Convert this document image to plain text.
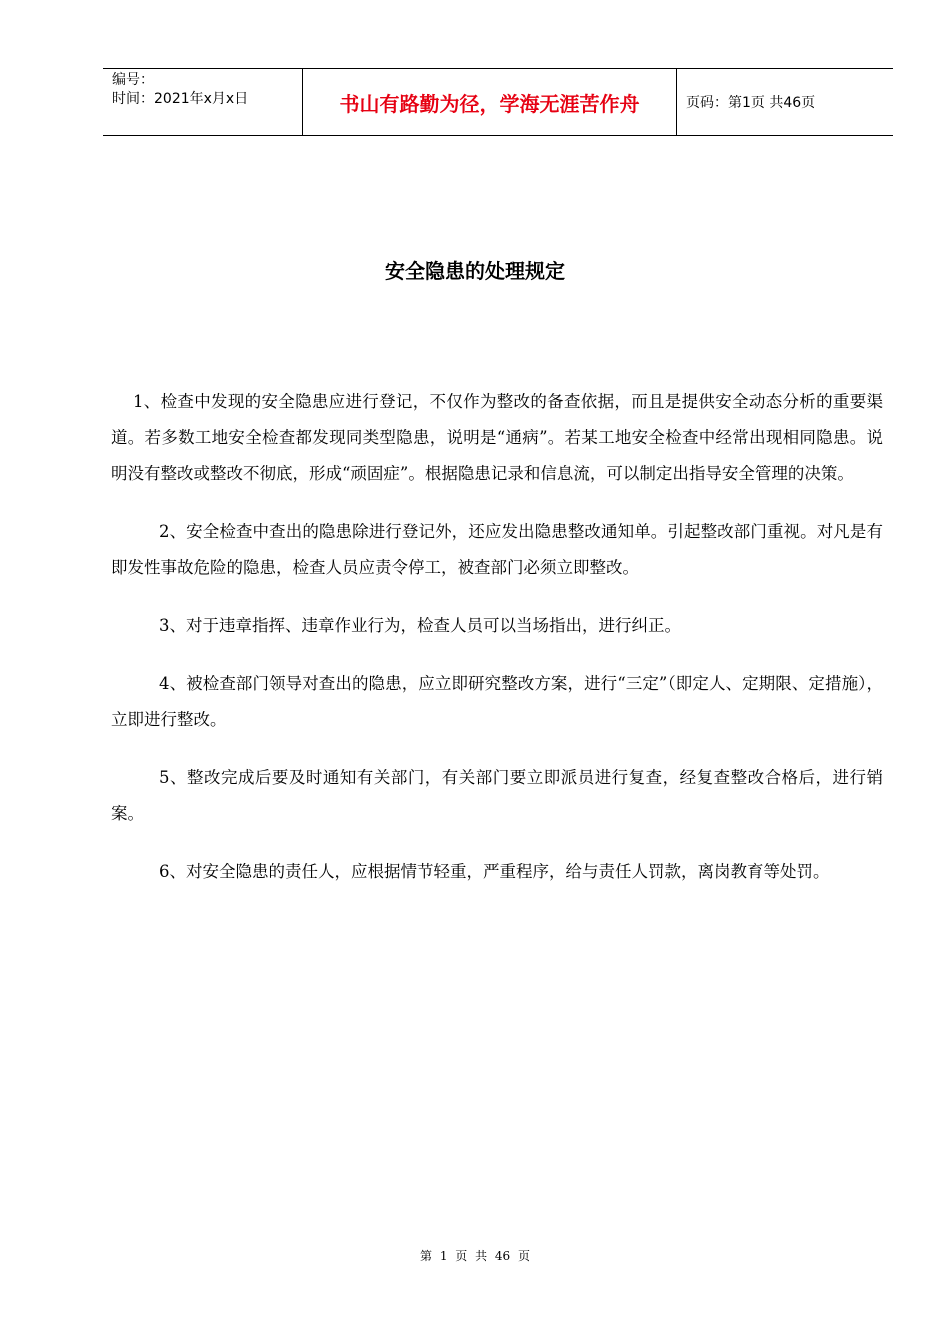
编号：
时间：2021年x月x日	书山有路勤为径，学海无涯苦作舟	页码：第1页 共46页
安全隐患的处理规定

1、检查中发现的安全隐患应进行登记，不仅作为整改的备查依据，而且是提供安全动态分析的重要渠道。若多数工地安全检查都发现同类型隐患，说明是“通病”。若某工地安全检查中经常出现相同隐患。说明没有整改或整改不彻底，形成“顽固症”。根据隐患记录和信息流，可以制定出指导安全管理的决策。

2、安全检查中查出的隐患除进行登记外，还应发出隐患整改通知单。引起整改部门重视。对凡是有即发性事故危险的隐患，检查人员应责令停工，被查部门必须立即整改。

3、对于违章指挥、违章作业行为，检查人员可以当场指出，进行纠正。

4、被检查部门领导对查出的隐患，应立即研究整改方案，进行“三定”（即定人、定期限、定措施），立即进行整改。

5、整改完成后要及时通知有关部门，有关部门要立即派员进行复查，经复查整改合格后，进行销案。

6、对安全隐患的责任人，应根据情节轻重，严重程序，给与责任人罚款，离岗教育等处罚。

第 1 页 共 46 页
